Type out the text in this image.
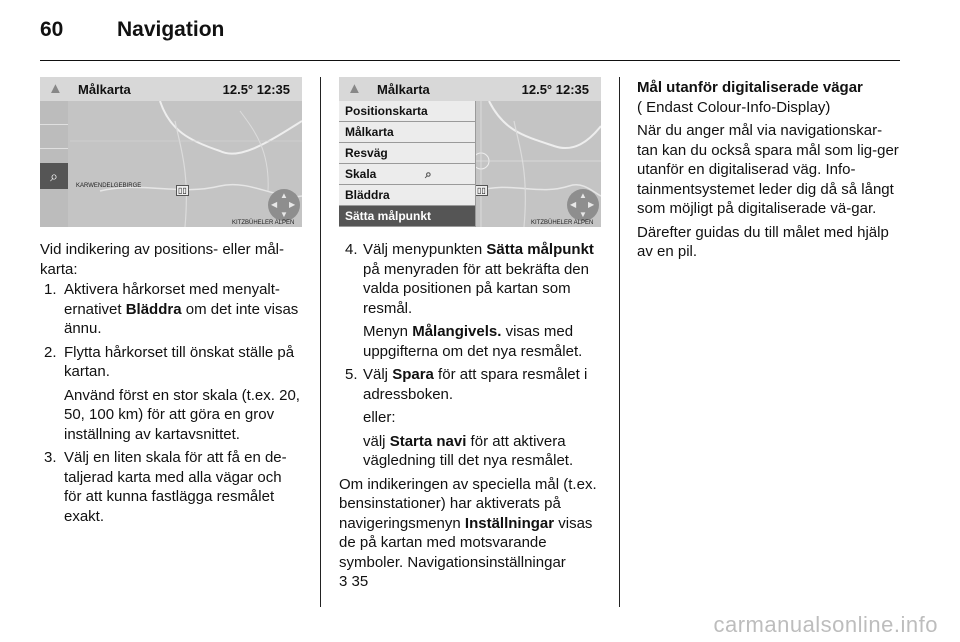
60	Navigation
▲ Målkarta	12.5° 12:35
KARWENDELGEBIRGE	▯▯
▲
▼
◀ ▶
KITZBÜHELER ALPEN
⌕
▲ Målkarta	12.5° 12:35
▯▯
▲
▼
◀ ▶
KITZBÜHELER ALPEN
Positionskarta
Målkarta
Resväg
Skala	⌕
Bläddra
Sätta målpunkt

Vid indikering av positions- eller mål-karta:

1. Aktivera hårkorset med menyalt-ernativet Bläddra om det inte visas ännu.
2. Flytta hårkorset till önskat ställe på kartan.

Använd först en stor skala (t.ex. 20, 50, 100 km) för att göra en grov inställning av kartavsnittet.

3. Välj en liten skala för att få en de-taljerad karta med alla vägar och för att kunna fastlägga resmålet exakt.

4. Välj menypunkten Sätta målpunkt på menyraden för att bekräfta den valda positionen på kartan som resmål.

Menyn Målangivels. visas med uppgifterna om det nya resmålet.

5. Välj Spara för att spara resmålet i adressboken.

eller:

välj Starta navi för att aktivera vägledning till det nya resmålet.

Om indikeringen av speciella mål (t.ex. bensinstationer) har aktiverats på navigeringsmenyn Inställningar visas de på kartan med motsvarande symboler. Navigationsinställningar

3 35

Mål utanför digitaliserade vägar

( Endast Colour-Info-Display)

När du anger mål via navigationskar-tan kan du också spara mål som lig-ger utanför en digitaliserad väg. Info-tainmentsystemet leder dig då så långt som möjligt på digitaliserade vä-gar.

Därefter guidas du till målet med hjälp av en pil.

carmanualsonline.info
